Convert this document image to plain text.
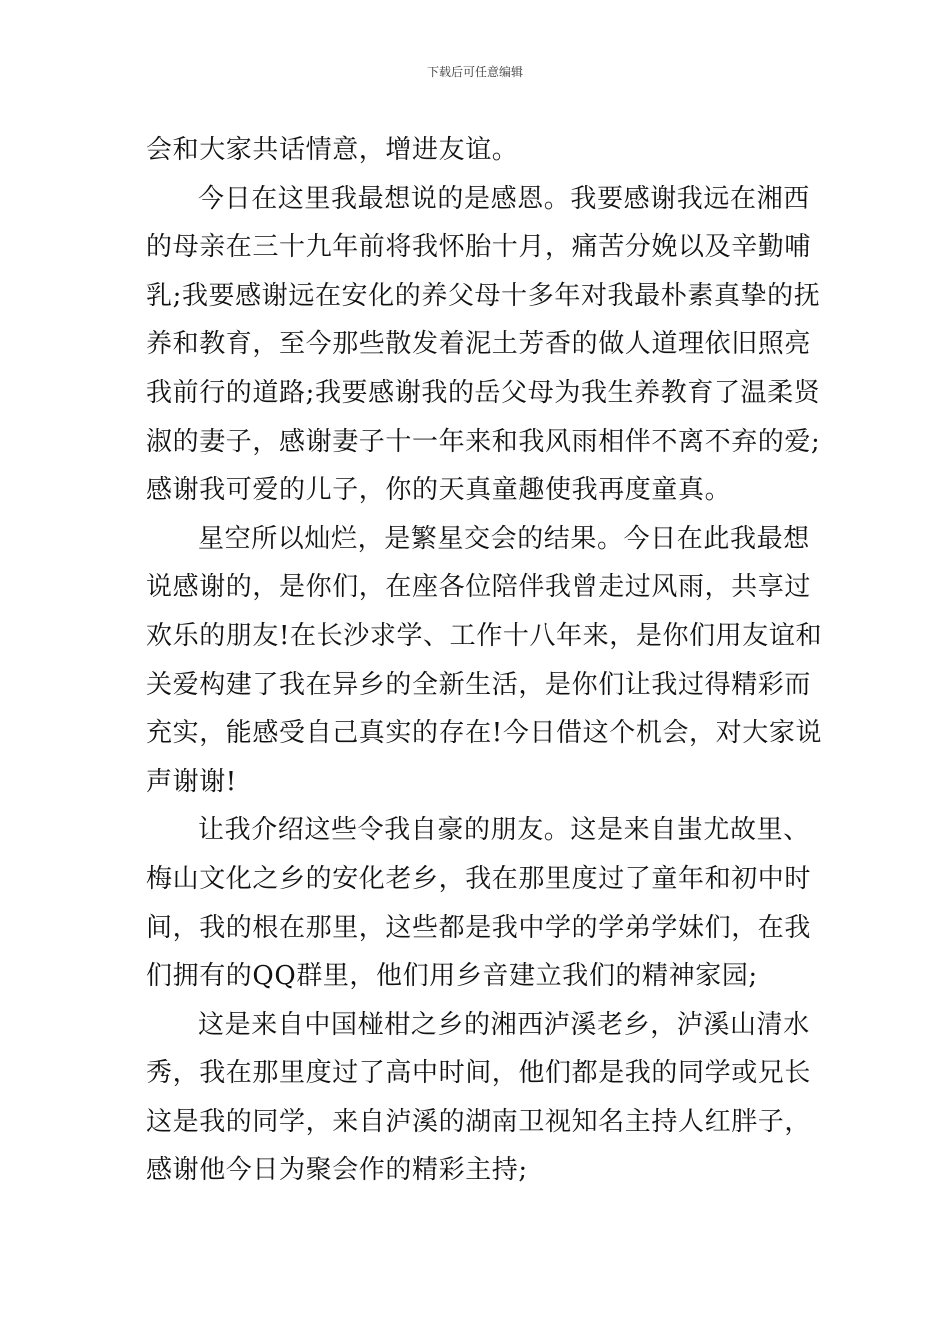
下载后可任意编辑
会和大家共话情意，增进友谊。
今日在这里我最想说的是感恩。我要感谢我远在湘西
的母亲在三十九年前将我怀胎十月，痛苦分娩以及辛勤哺
乳;我要感谢远在安化的养父母十多年对我最朴素真挚的抚
养和教育，至今那些散发着泥土芳香的做人道理依旧照亮
我前行的道路;我要感谢我的岳父母为我生养教育了温柔贤
淑的妻子，感谢妻子十一年来和我风雨相伴不离不弃的爱;
感谢我可爱的儿子，你的天真童趣使我再度童真。
星空所以灿烂，是繁星交会的结果。今日在此我最想
说感谢的，是你们，在座各位陪伴我曾走过风雨，共享过
欢乐的朋友!在长沙求学、工作十八年来，是你们用友谊和
关爱构建了我在异乡的全新生活，是你们让我过得精彩而
充实，能感受自己真实的存在!今日借这个机会，对大家说
声谢谢!
让我介绍这些令我自豪的朋友。这是来自蚩尤故里、
梅山文化之乡的安化老乡，我在那里度过了童年和初中时
间，我的根在那里，这些都是我中学的学弟学妹们，在我
们拥有的QQ群里，他们用乡音建立我们的精神家园;
这是来自中国椪柑之乡的湘西泸溪老乡，泸溪山清水
秀，我在那里度过了高中时间，他们都是我的同学或兄长
这是我的同学，来自泸溪的湖南卫视知名主持人红胖子，
感谢他今日为聚会作的精彩主持;
